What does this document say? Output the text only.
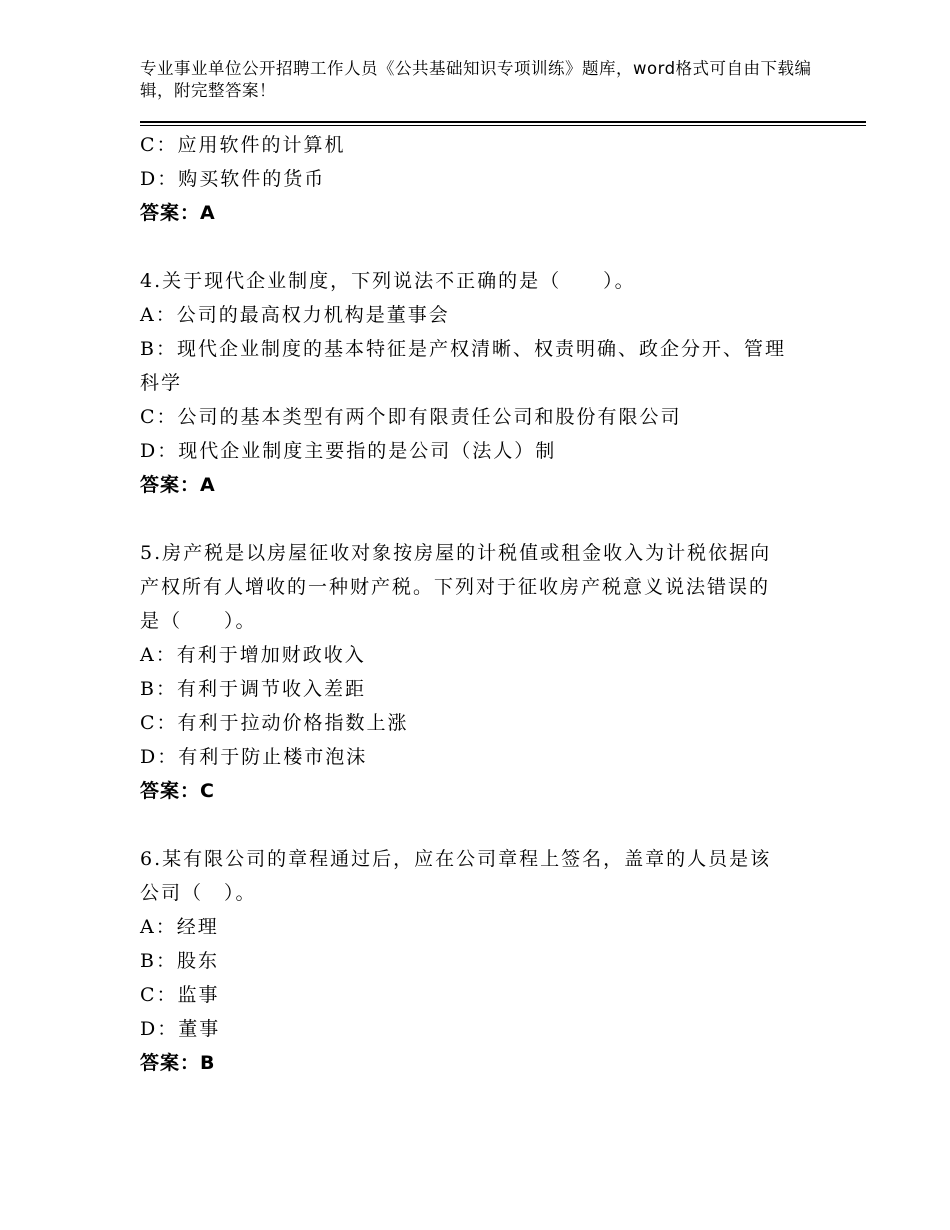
专业事业单位公开招聘工作人员《公共基础知识专项训练》题库，word格式可自由下载编辑，附完整答案！
C：应用软件的计算机
D：购买软件的货币
答案：A
4.关于现代企业制度，下列说法不正确的是（　　）。
A：公司的最高权力机构是董事会
B：现代企业制度的基本特征是产权清晰、权责明确、政企分开、管理
科学
C：公司的基本类型有两个即有限责任公司和股份有限公司
D：现代企业制度主要指的是公司（法人）制
答案：A
5.房产税是以房屋征收对象按房屋的计税值或租金收入为计税依据向
产权所有人增收的一种财产税。下列对于征收房产税意义说法错误的
是（　　）。
A：有利于增加财政收入
B：有利于调节收入差距
C：有利于拉动价格指数上涨
D：有利于防止楼市泡沫
答案：C
6.某有限公司的章程通过后，应在公司章程上签名，盖章的人员是该
公司（　）。
A：经理
B：股东
C：监事
D：董事
答案：B
